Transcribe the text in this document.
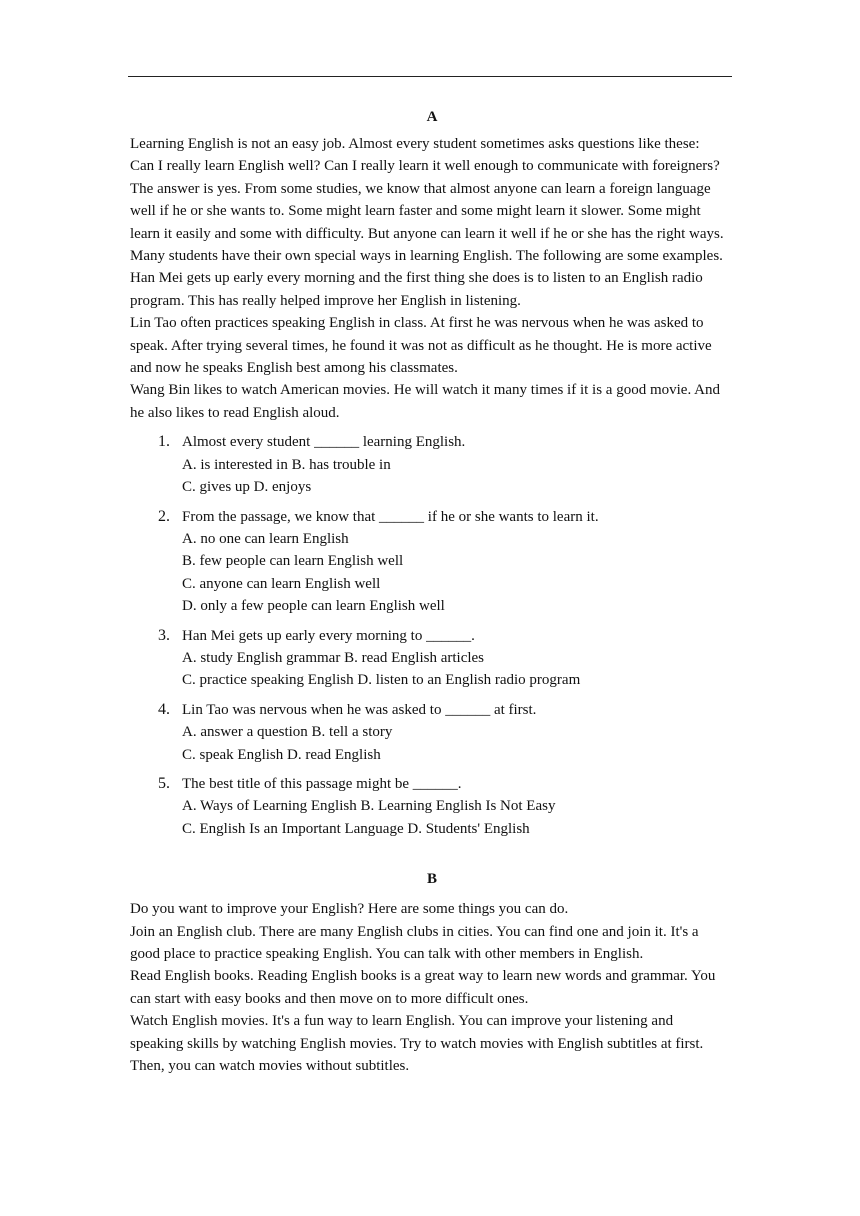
A

Learning English is not an easy job. Almost every student sometimes asks questions like these:

Can I really learn English well? Can I really learn it well enough to communicate with foreigners?

The answer is yes. From some studies, we know that almost anyone can learn a foreign language

well if he or she wants to. Some might learn faster and some might learn it slower. Some might

learn it easily and some with difficulty. But anyone can learn it well if he or she has the right ways.

Many students have their own special ways in learning English. The following are some examples.

Han Mei gets up early every morning and the first thing she does is to listen to an English radio

program. This has really helped improve her English in listening.

Lin Tao often practices speaking English in class. At first he was nervous when he was asked to

speak. After trying several times, he found it was not as difficult as he thought. He is more active

and now he speaks English best among his classmates.

Wang Bin likes to watch American movies. He will watch it many times if it is a good movie. And

he also likes to read English aloud.

1. Almost every student ______ learning English.
A. is interested in B. has trouble in
C. gives up D. enjoys
2. From the passage, we know that ______ if he or she wants to learn it.
A. no one can learn English
B. few people can learn English well
C. anyone can learn English well
D. only a few people can learn English well
3. Han Mei gets up early every morning to ______.
A. study English grammar B. read English articles
C. practice speaking English D. listen to an English radio program
4. Lin Tao was nervous when he was asked to ______ at first.
A. answer a question B. tell a story
C. speak English D. read English
5. The best title of this passage might be ______.
A. Ways of Learning English B. Learning English Is Not Easy
C. English Is an Important Language D. Students' English
B

Do you want to improve your English? Here are some things you can do.

Join an English club. There are many English clubs in cities. You can find one and join it. It's a

good place to practice speaking English. You can talk with other members in English.

Read English books. Reading English books is a great way to learn new words and grammar. You

can start with easy books and then move on to more difficult ones.

Watch English movies. It's a fun way to learn English. You can improve your listening and

speaking skills by watching English movies. Try to watch movies with English subtitles at first.

Then, you can watch movies without subtitles.
